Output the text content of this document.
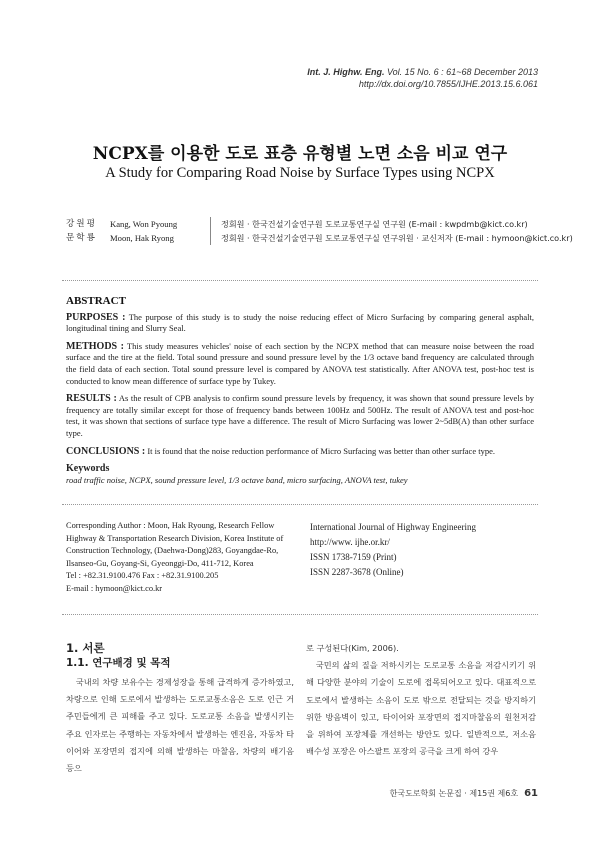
Int. J. Highw. Eng. Vol. 15 No. 6 : 61~68 December 2013
http://dx.doi.org/10.7855/IJHE.2013.15.6.061
NCPX를 이용한 도로 표층 유형별 노면 소음 비교 연구
A Study for Comparing Road Noise by Surface Types using NCPX
강원평	Kang, Won Pyoung	정회원 · 한국건설기술연구원 도로교통연구실 연구원 (E-mail : kwpdmb@kict.co.kr)
문학룡	Moon, Hak Ryong	정회원 · 한국건설기술연구원 도로교통연구실 연구위원 · 교신저자 (E-mail : hymoon@kict.co.kr)
ABSTRACT

PURPOSES : The purpose of this study is to study the noise reducing effect of Micro Surfacing by comparing general asphalt, longitudinal tining and Slurry Seal.

METHODS : This study measures vehicles' noise of each section by the NCPX method that can measure noise between the road surface and the tire at the field. Total sound pressure and sound pressure level by the 1/3 octave band frequency are calculated through the field data of each section. Total sound pressure level is compared by ANOVA test statistically. After ANOVA test, post-hoc test is conducted to know mean difference of surface type by Tukey.

RESULTS : As the result of CPB analysis to confirm sound pressure levels by frequency, it was shown that sound pressure levels by frequency are totally similar except for those of frequency bands between 100Hz and 500Hz. The result of ANOVA test and post-hoc test, it was shown that sections of surface type have a difference. The result of Micro Surfacing was lower 2~5dB(A) than other surface type.

CONCLUSIONS : It is found that the noise reduction performance of Micro Surfacing was better than other surface type.

Keywords

road traffic noise, NCPX, sound pressure level, 1/3 octave band, micro surfacing, ANOVA test, tukey

Corresponding Author : Moon, Hak Ryoung, Research Fellow
Highway & Transportation Research Division, Korea Institute of
Construction Technology, (Daehwa-Dong)283, Goyangdae-Ro,
Ilsanseo-Gu, Goyang-Si, Gyeonggi-Do, 411-712, Korea
Tel : +82.31.9100.476 Fax : +82.31.9100.205
E-mail : hymoon@kict.co.kr
International Journal of Highway Engineering
http://www. ijhe.or.kr/
ISSN 1738-7159 (Print)
ISSN 2287-3678 (Online)
1. 서론
1.1. 연구배경 및 목적

국내의 차량 보유수는 경제성장을 통해 급격하게 증가하였고, 차량으로 인해 도로에서 발생하는 도로교통소음은 도로 인근 거주민들에게 큰 피해를 주고 있다. 도로교통 소음을 발생시키는 주요 인자로는 주행하는 자동차에서 발생하는 엔진음, 자동차 타이어와 포장면의 접지에 의해 발생하는 마찰음, 차량의 배기음 등으

로 구성된다(Kim, 2006).

국민의 삶의 질을 저하시키는 도로교통 소음을 저감시키기 위해 다양한 분야의 기술이 도로에 접목되어오고 있다. 대표적으로 도로에서 발생하는 소음이 도로 밖으로 전달되는 것을 방지하기 위한 방음벽이 있고, 타이어와 포장면의 접지마찰음의 원천저감을 위하여 포장체를 개선하는 방안도 있다. 일반적으로, 저소음 배수성 포장은 아스팔트 포장의 공극을 크게 하여 강우

한국도로학회 논문집 · 제15권 제6호 61
